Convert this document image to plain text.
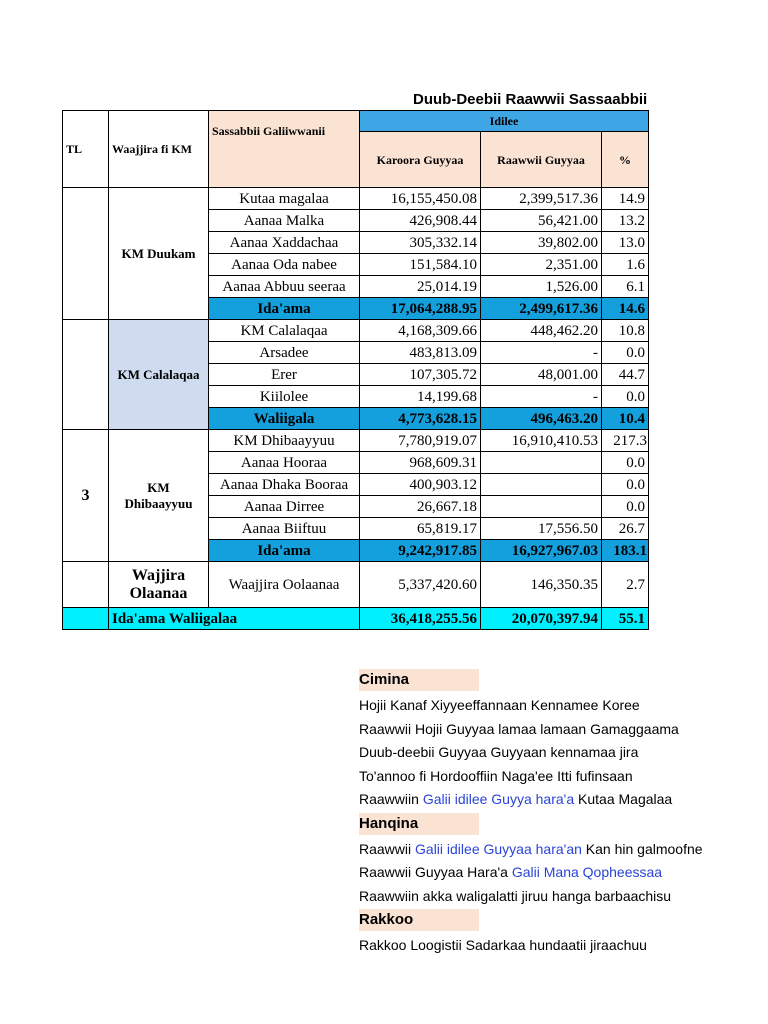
Duub-Deebii Raawwii Sassaabbii
TL	Waajjira fi KM	Sassabbii Galiiwwanii	Idilee		
			Karoora Guyyaa	Raawwii Guyyaa	%
	KM Duukam	Kutaa magalaa	16,155,450.08	2,399,517.36	14.9
		Aanaa Malka	426,908.44	56,421.00	13.2
		Aanaa Xaddachaa	305,332.14	39,802.00	13.0
		Aanaa Oda nabee	151,584.10	2,351.00	1.6
		Aanaa Abbuu seeraa	25,014.19	1,526.00	6.1
		Ida'ama	17,064,288.95	2,499,617.36	14.6
	KM Calalaqaa	KM Calalaqaa	4,168,309.66	448,462.20	10.8
		Arsadee	483,813.09	-	0.0
		Erer	107,305.72	48,001.00	44.7
		Kiilolee	14,199.68	-	0.0
		Waliigala	4,773,628.15	496,463.20	10.4
3	KM Dhibaayyuu	KM Dhibaayyuu	7,780,919.07	16,910,410.53	217.3
		Aanaa Hooraa	968,609.31		0.0
		Aanaa Dhaka Booraa	400,903.12		0.0
		Aanaa Dirree	26,667.18		0.0
		Aanaa Biiftuu	65,819.17	17,556.50	26.7
		Ida'ama	9,242,917.85	16,927,967.03	183.1
	Wajjira Olaanaa	Waajjira Oolaanaa	5,337,420.60	146,350.35	2.7
	Ida'ama Waliigalaa		36,418,255.56	20,070,397.94	55.1
Cimina
Hojii Kanaf Xiyyeeffannaan Kennamee Koree
Raawwii Hojii Guyyaa lamaa lamaan Gamaggaama
Duub-deebii Guyyaa Guyyaan kennamaa jira
To'annoo fi Hordooffiin Naga'ee Itti fufinsaan
Raawwiin Galii idilee Guyya hara'a Kutaa Magalaa
Hanqina
Raawwii Galii idilee Guyyaa hara'an Kan hin galmoofne
Raawwii Guyyaa Hara'a Galii Mana Qopheessaa
Raawwiin akka waligalatti jiruu hanga barbaachisu
Rakkoo
Rakkoo Loogistii Sadarkaa hundaatii jiraachuu
